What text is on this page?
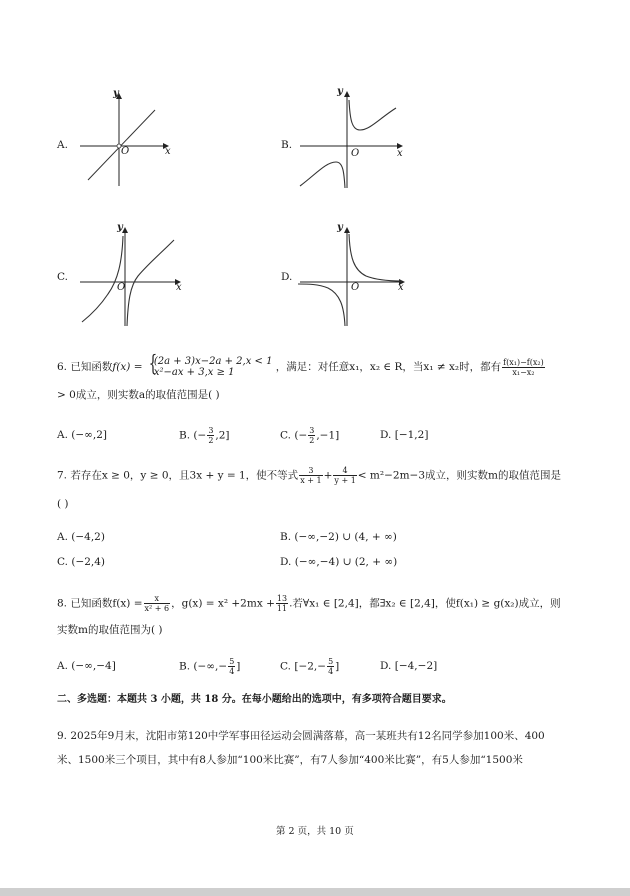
A.
y
O	x
B.
y
O	x
C.
y
O	x
D.
y
O	x
6. 已知函数f(x) = {
(2a + 3)x−2a + 2,x < 1
x²−ax + 3,x ≥ 1	，满足：对任意x₁，x₂ ∈ R，当x₁ ≠ x₂时，都有 $\frac{\text{f(x₁)−f(x₂)}}{\text{x₁−x₂}}$
> 0成立，则实数a的取值范围是( )
A. (−∞,2]	B. (− $\frac{3}{2} ,2$]	C. (− $\frac{3}{2} ,-1$]	D. [−1,2]
7. 若存在x ≥ 0，y ≥ 0，且3x + y = 1，使不等式 $\frac{3}{x + 1} + \frac{4}{y + 1} < m^2-2m-3$成立，则实数m的取值范围是
( )
A. (−4,2)	B. (−∞,−2) ∪ (4, + ∞)
C. (−2,4)	D. (−∞,−4) ∪ (2, + ∞)
8. 已知函数$f(x) = \frac{x}{\text{x² + 6}}$ ，$g(x) = x^2 +2mx + \frac{13}{11}$ .若∀x₁ ∈ [2,4]，都∃x₂ ∈ [2,4]，使f(x₁) ≥ g(x₂)成立，则
实数m的取值范围为( )
A. (−∞,−4]	B. (−∞,− $\frac{5}{4}$ ]	C. [$-2,- \frac{5}{4}$ ]	D. [−4,−2]
二、多选题：本题共 3 小题，共 18 分。在每小题给出的选项中，有多项符合题目要求。
9. 2025年9月末，沈阳市第120中学军事田径运动会圆满落幕，高一某班共有12名同学参加100米、400
米、1500米三个项目，其中有8人参加“100米比赛”，有7人参加“400米比赛”，有5人参加“1500米
第 2 页，共 10 页
